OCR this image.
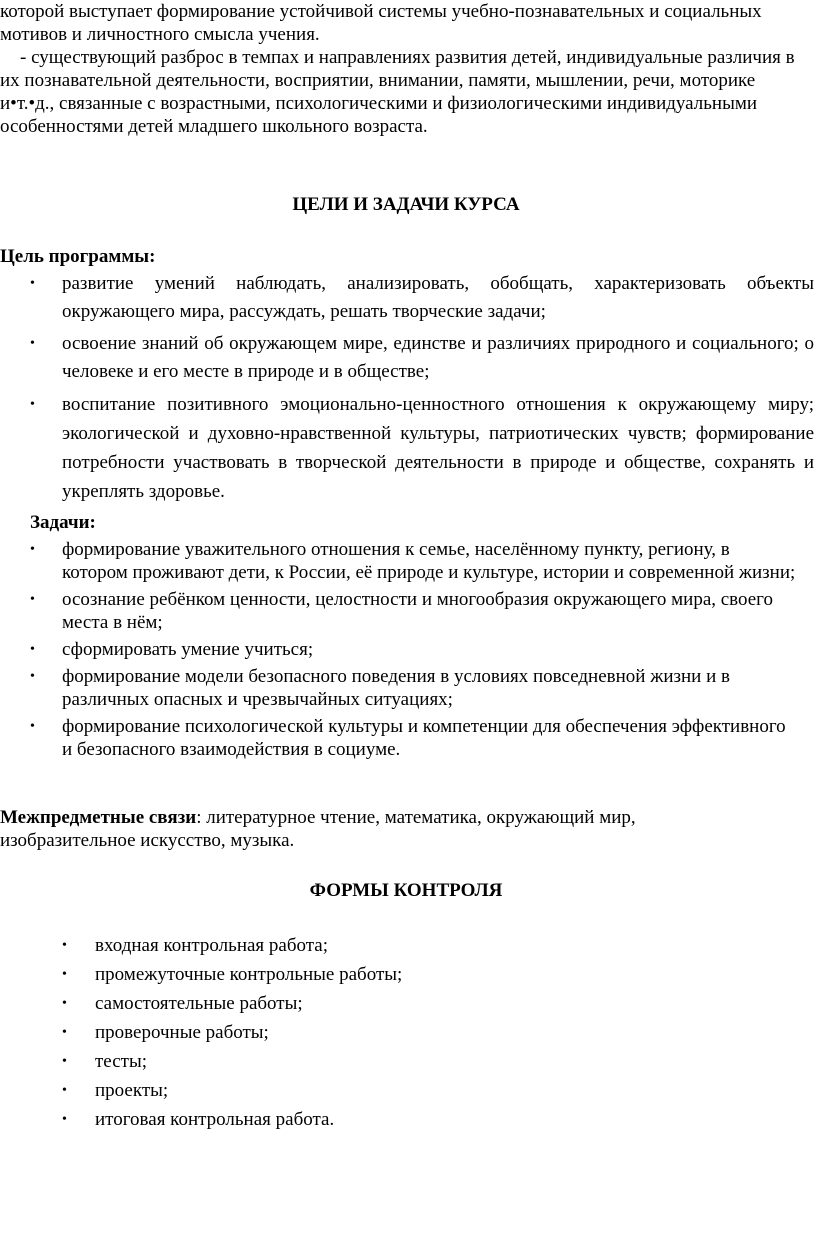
которой выступает формирование устойчивой системы учебно-познавательных и социальных мотивов и личностного смысла учения.

- существующий разброс в темпах и направлениях развития детей, индивидуальные различия в их познавательной деятельности, восприятии, внимании, памяти, мышлении, речи, моторике и•т.•д., связанные с возрастными, психологическими и физиологическими индивидуальными особенностями детей младшего школьного возраста.

ЦЕЛИ И ЗАДАЧИ КУРСА

Цель программы:

• развитие умений наблюдать, анализировать, обобщать, характеризовать объекты окружающего мира, рассуждать, решать творческие задачи;
• освоение знаний об окружающем мире, единстве и различиях природного и социального; о человеке и его месте в природе и в обществе;
• воспитание позитивного эмоционально-ценностного отношения к окружающему миру; экологической и духовно-нравственной культуры, патриотических чувств; формирование потребности участвовать в творческой деятельности в природе и обществе, сохранять и укреплять здоровье.

Задачи:

• формирование уважительного отношения к семье, населённому пункту, региону, в котором проживают дети, к России, её природе и культуре, истории и современной жизни;
• осознание ребёнком ценности, целостности и многообразия окружающего мира, своего места в нём;
• сформировать умение учиться;
• формирование модели безопасного поведения в условиях повседневной жизни и в различных опасных и чрезвычайных ситуациях;
• формирование психологической культуры и компетенции для обеспечения эффективного и безопасного взаимодействия в социуме.

Межпредметные связи: литературное чтение, математика, окружающий мир, изобразительное искусство, музыка.

ФОРМЫ КОНТРОЛЯ
• входная контрольная работа;
• промежуточные контрольные работы;
• самостоятельные работы;
• проверочные работы;
• тесты;
• проекты;
• итоговая контрольная работа.
